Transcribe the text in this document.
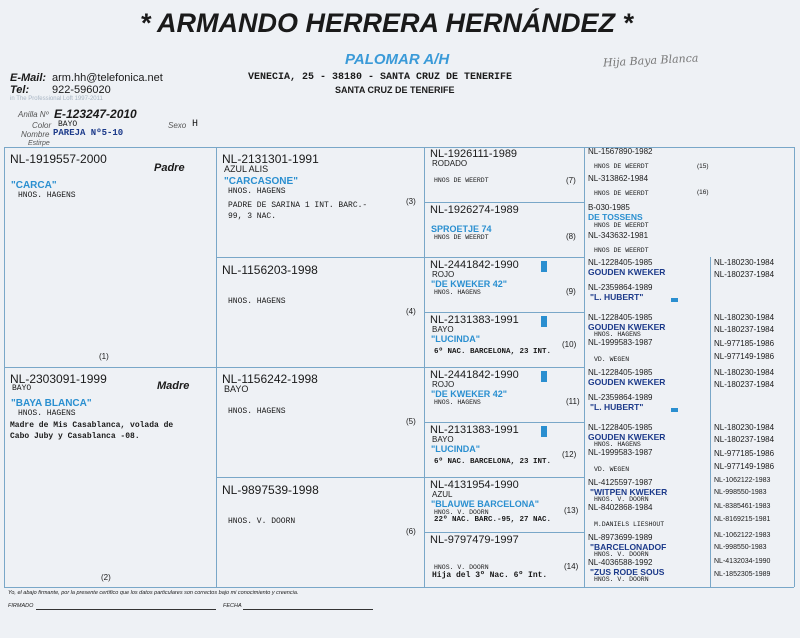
* ARMANDO HERRERA HERNÁNDEZ *
PALOMAR A/H	Hija Baya Blanca
E-Mail: arm.hh@telefonica.net
Tel: 922-596020
in The Professional Loft 1997-2011
VENECIA, 25 - 38180 - SANTA CRUZ DE TENERIFE
SANTA CRUZ DE TENERIFE
Anilla Nº E-123247-2010
Color BAYO
Nombre PAREJA Nº5-10
Estirpe
Sexo H
NL-1919557-2000
Padre
"CARCA"
HNOS. HAGENS
(1)
NL-2303091-1999
BAYO	Madre
"BAYA BLANCA"
HNOS. HAGENS
Madre de Mis Casablanca, volada de
Cabo Juby y Casablanca -08.
(2)
NL-2131301-1991
AZUL ALIS
"CARCASONE"
HNOS. HAGENS
(3)
PADRE DE SARINA 1 INT. BARC.-
99, 3 NAC.
NL-1156203-1998
HNOS. HAGENS
(4)
NL-1156242-1998
BAYO
HNOS. HAGENS
(5)
NL-9897539-1998
HNOS. V. DOORN
(6)
NL-1926111-1989
RODADO
HNOS DE WEERDT	(7)
NL-1926274-1989
SPROETJE 74
HNOS DE WEERDT	(8)
NL-2441842-1990
ROJO
"DE KWEKER 42"
HNOS. HAGENS	(9)
NL-2131383-1991
BAYO
"LUCINDA"
(10)
6º NAC. BARCELONA, 23 INT.
NL-2441842-1990
ROJO
"DE KWEKER 42"
HNOS. HAGENS	(11)
NL-2131383-1991
BAYO
"LUCINDA"
(12)
6º NAC. BARCELONA, 23 INT.
NL-4131954-1990
AZUL
"BLAUWE BARCELONA"
HNOS. V. DOORN	(13)
22º NAC. BARC.-95, 27 NAC.
NL-9797479-1997
HNOS. V. DOORN	(14)
Hija del 3º Nac. 6º Int.
NL-1567890-1982
HNOS DE WEERDT	(15)
NL-313862-1984
HNOS DE WEERDT	(16)
B-030-1985
DE TOSSENS
HNOS DE WEERDT
NL-343632-1981
HNOS DE WEERDT
NL-1228405-1985
GOUDEN KWEKER
NL-2359864-1989
"L. HUBERT"
NL-1228405-1985
GOUDEN KWEKER
HNOS. HAGENS
NL-1999583-1987
VD. WEGEN
NL-1228405-1985
GOUDEN KWEKER
NL-2359864-1989
"L. HUBERT"
NL-1228405-1985
GOUDEN KWEKER
HNOS. HAGENS
NL-1999583-1987
VD. WEGEN
NL-4125597-1987
"WITPEN KWEKER
HNOS. V. DOORN
NL-8402868-1984
M.DANIELS LIESHOUT
NL-8973699-1989
"BARCELONADOF
HNOS. V. DOORN
NL-4036588-1992
"ZUS RODE SOUS
HNOS. V. DOORN
NL-180230-1984
NL-180237-1984
NL-180230-1984
NL-180237-1984
NL-977185-1986
NL-977149-1986
NL-180230-1984
NL-180237-1984
NL-180230-1984
NL-180237-1984
NL-977185-1986
NL-977149-1986
NL-1062122-1983
NL-998550-1983
NL-8385461-1983
NL-8169215-1981
NL-1062122-1983
NL-998550-1983
NL-4132034-1990
NL-1852305-1989
Yo, el abajo firmante, por la presente certifico que los datos particulares son correctos bajo mi conocimiento y creencia.
FIRMADO	FECHA
